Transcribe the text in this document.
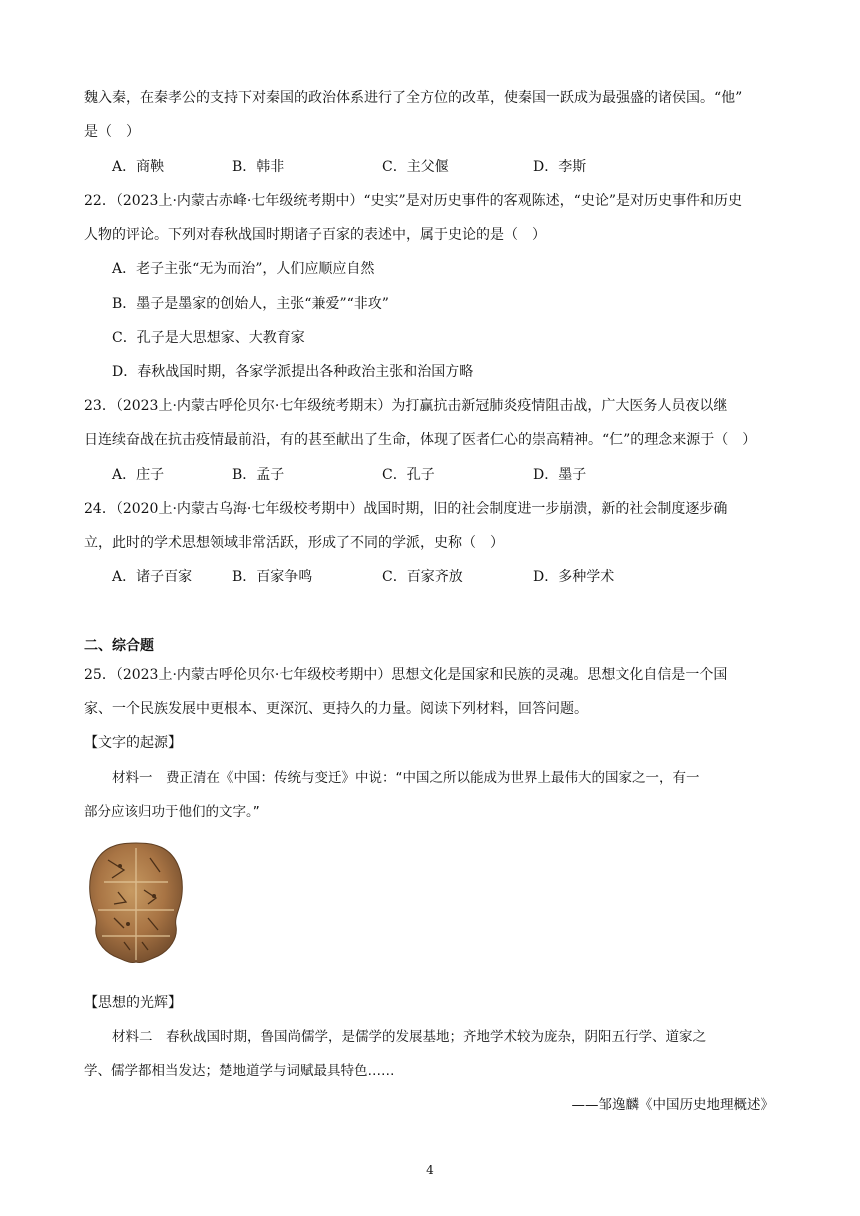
魏入秦，在秦孝公的支持下对秦国的政治体系进行了全方位的改革，使秦国一跃成为最强盛的诸侯国。“他”
是（　）
A．商鞅	B．韩非	C．主父偃	D．李斯
22．（2023上·内蒙古赤峰·七年级统考期中）“史实”是对历史事件的客观陈述，“史论”是对历史事件和历史
人物的评论。下列对春秋战国时期诸子百家的表述中，属于史论的是（　）
A．老子主张“无为而治”，人们应顺应自然
B．墨子是墨家的创始人，主张“兼爱”“非攻”
C．孔子是大思想家、大教育家
D．春秋战国时期，各家学派提出各种政治主张和治国方略
23．（2023上·内蒙古呼伦贝尔·七年级统考期末）为打赢抗击新冠肺炎疫情阻击战，广大医务人员夜以继
日连续奋战在抗击疫情最前沿，有的甚至献出了生命，体现了医者仁心的崇高精神。“仁”的理念来源于（　）
A．庄子	B．孟子	C．孔子	D．墨子
24．（2020上·内蒙古乌海·七年级校考期中）战国时期，旧的社会制度进一步崩溃，新的社会制度逐步确
立，此时的学术思想领域非常活跃，形成了不同的学派，史称（　）
A．诸子百家	B．百家争鸣	C．百家齐放	D．多种学术
二、综合题
25．（2023上·内蒙古呼伦贝尔·七年级校考期中）思想文化是国家和民族的灵魂。思想文化自信是一个国
家、一个民族发展中更根本、更深沉、更持久的力量。阅读下列材料，回答问题。
【文字的起源】
材料一　费正清在《中国：传统与变迁》中说：“中国之所以能成为世界上最伟大的国家之一，有一
部分应该归功于他们的文字。”
【思想的光辉】
材料二　春秋战国时期，鲁国尚儒学，是儒学的发展基地；齐地学术较为庞杂，阴阳五行学、道家之
学、儒学都相当发达；楚地道学与词赋最具特色……
——邹逸麟《中国历史地理概述》
4
